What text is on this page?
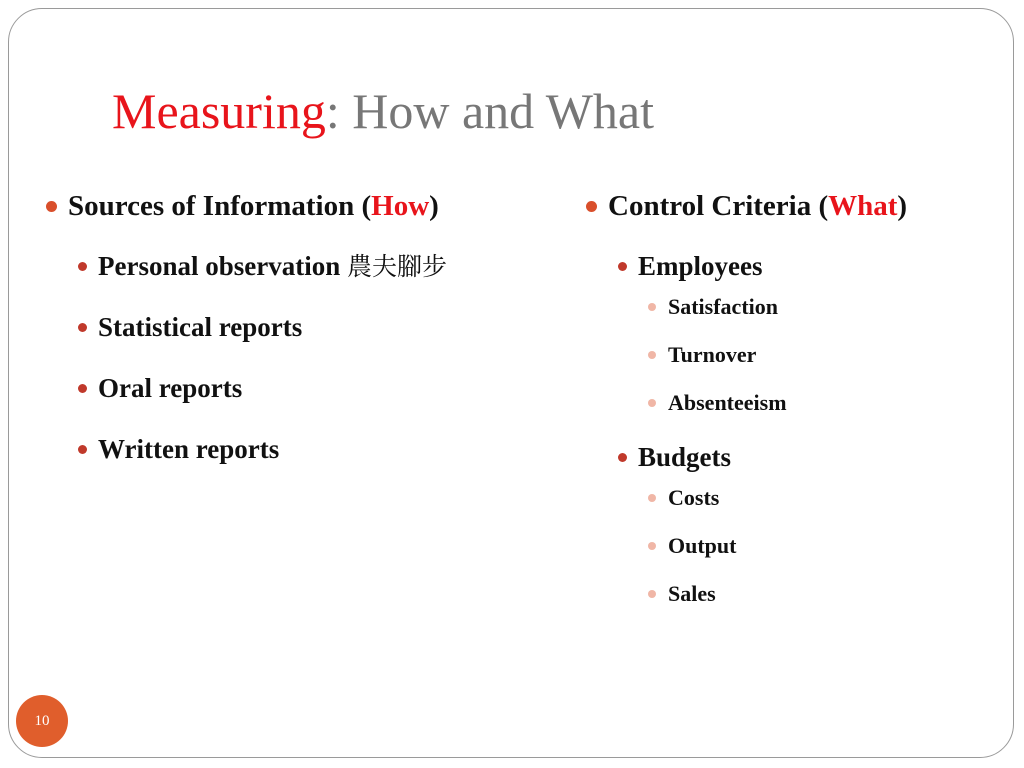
Measuring: How and What
Sources of Information (How)
Personal observation 農夫腳步
Statistical reports
Oral reports
Written reports
Control Criteria (What)
Employees
Satisfaction
Turnover
Absenteeism
Budgets
Costs
Output
Sales
10
